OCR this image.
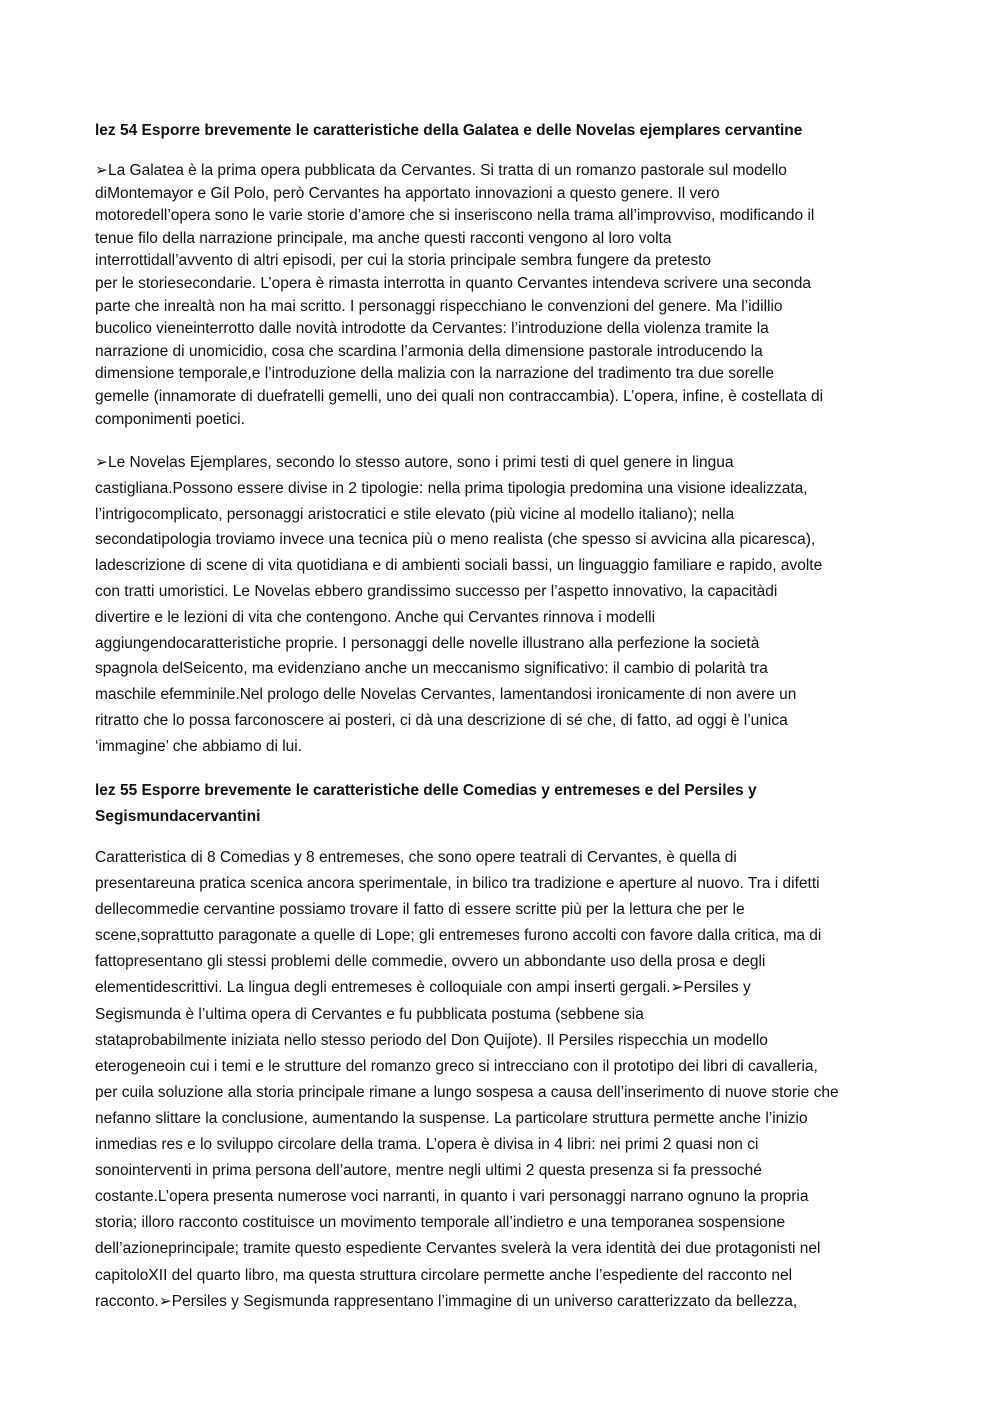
lez 54 Esporre brevemente le caratteristiche della Galatea e delle Novelas ejemplares cervantine
➢La Galatea è la prima opera pubblicata da Cervantes. Si tratta di un romanzo pastorale sul modello
diMontemayor e Gil Polo, però Cervantes ha apportato innovazioni a questo genere. Il vero
motoredell’opera sono le varie storie d’amore che si inseriscono nella trama all’improvviso, modificando il
tenue filo della narrazione principale, ma anche questi racconti vengono al loro volta
interrottidall’avvento di altri episodi, per cui la storia principale sembra fungere da pretesto
per le storiesecondarie. L’opera è rimasta interrotta in quanto Cervantes intendeva scrivere una seconda
parte che inrealtà non ha mai scritto. I personaggi rispecchiano le convenzioni del genere. Ma l’idillio
bucolico vieneinterrotto dalle novità introdotte da Cervantes: l’introduzione della violenza tramite la
narrazione di unomicidio, cosa che scardina l’armonia della dimensione pastorale introducendo la
dimensione temporale,e l’introduzione della malizia con la narrazione del tradimento tra due sorelle
gemelle (innamorate di duefratelli gemelli, uno dei quali non contraccambia). L’opera, infine, è costellata di
componimenti poetici.
➢Le Novelas Ejemplares, secondo lo stesso autore, sono i primi testi di quel genere in lingua
castigliana.Possono essere divise in 2 tipologie: nella prima tipologia predomina una visione idealizzata,
l’intrigocomplicato, personaggi aristocratici e stile elevato (più vicine al modello italiano); nella
secondatipologia troviamo invece una tecnica più o meno realista (che spesso si avvicina alla picaresca),
ladescrizione di scene di vita quotidiana e di ambienti sociali bassi, un linguaggio familiare e rapido, avolte
con tratti umoristici. Le Novelas ebbero grandissimo successo per l’aspetto innovativo, la capacitàdi
divertire e le lezioni di vita che contengono. Anche qui Cervantes rinnova i modelli
aggiungendocaratteristiche proprie. I personaggi delle novelle illustrano alla perfezione la società
spagnola delSeicento, ma evidenziano anche un meccanismo significativo: il cambio di polarità tra
maschile efemminile.Nel prologo delle Novelas Cervantes, lamentandosi ironicamente di non avere un
ritratto che lo possa farconoscere ai posteri, ci dà una descrizione di sé che, di fatto, ad oggi è l’unica
‘immagine’ che abbiamo di lui.
lez 55 Esporre brevemente le caratteristiche delle Comedias y entremeses e del Persiles y
Segismundacervantini
Caratteristica di 8 Comedias y 8 entremeses, che sono opere teatrali di Cervantes, è quella di
presentareuna pratica scenica ancora sperimentale, in bilico tra tradizione e aperture al nuovo. Tra i difetti
dellecommedie cervantine possiamo trovare il fatto di essere scritte più per la lettura che per le
scene,soprattutto paragonate a quelle di Lope; gli entremeses furono accolti con favore dalla critica, ma di
fattopresentano gli stessi problemi delle commedie, ovvero un abbondante uso della prosa e degli
elementidescrittivi. La lingua degli entremeses è colloquiale con ampi inserti gergali.➢Persiles y
Segismunda è l’ultima opera di Cervantes e fu pubblicata postuma (sebbene sia
stataprobabilmente iniziata nello stesso periodo del Don Quijote). Il Persiles rispecchia un modello
eterogeneoin cui i temi e le strutture del romanzo greco si intrecciano con il prototipo dei libri di cavalleria,
per cuila soluzione alla storia principale rimane a lungo sospesa a causa dell’inserimento di nuove storie che
nefanno slittare la conclusione, aumentando la suspense. La particolare struttura permette anche l’inizio
inmedias res e lo sviluppo circolare della trama. L’opera è divisa in 4 libri: nei primi 2 quasi non ci
sonointerventi in prima persona dell’autore, mentre negli ultimi 2 questa presenza si fa pressoché
costante.L’opera presenta numerose voci narranti, in quanto i vari personaggi narrano ognuno la propria
storia; illoro racconto costituisce un movimento temporale all’indietro e una temporanea sospensione
dell’azioneprincipale; tramite questo espediente Cervantes svelerà la vera identità dei due protagonisti nel
capitoloXII del quarto libro, ma questa struttura circolare permette anche l’espediente del racconto nel
racconto.➢Persiles y Segismunda rappresentano l’immagine di un universo caratterizzato da bellezza,
